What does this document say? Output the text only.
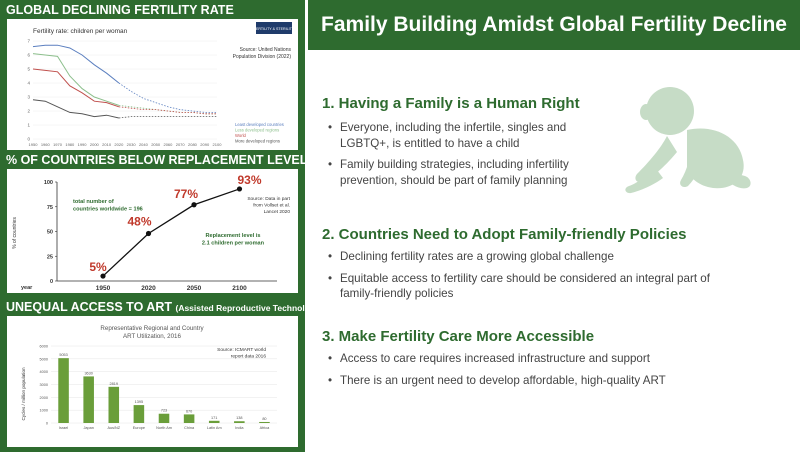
Family Building Amidst Global Fertility Decline
GLOBAL DECLINING FERTILITY RATE
FERTILITY & STERILITY
Fertility rate: children per woman
Source: United Nations Population Division (2022)
0
1
2
3
4
5
6
7
1950 1960 1970 1980 1990 2000 2010 2020 2030 2040 2050 2060 2070 2080 2090 2100
Least developed countries
Less developed regions
World
More developed regions
% OF COUNTRIES BELOW REPLACEMENT LEVEL
% of countries
year
total number of countries worldwide = 196
Source: Data in part from Vollset et al. Lancet 2020
Replacement level is 2.1 children per woman
0
25
50
75
100
5%
1950
48%
2020
77%
2050
93%
2100
UNEQUAL ACCESS TO ART (Assisted Reproductive Technologies)
Representative Regional and Country ART Utilization, 2016
Source: ICMART world report data 2016
Cycles / million population
0
1000
2000
3000
4000
5000
6000
5053
Israel
3630
Japan
2819
Aus/NZ
1395
Europe
723
North Am
670
China
171
Latin Am
138
India
80
Africa
1. Having a Family is a Human Right
• Everyone, including the infertile, singles and LGBTQ+, is entitled to have a child
• Family building strategies, including infertility prevention, should be part of family planning
2. Countries Need to Adopt Family-friendly Policies
• Declining fertility rates are a growing global challenge
• Equitable access to fertility care should be considered an integral part of family-friendly policies
3. Make Fertility Care More Accessible
• Access to care requires increased infrastructure and support
• There is an urgent need to develop affordable, high-quality ART
